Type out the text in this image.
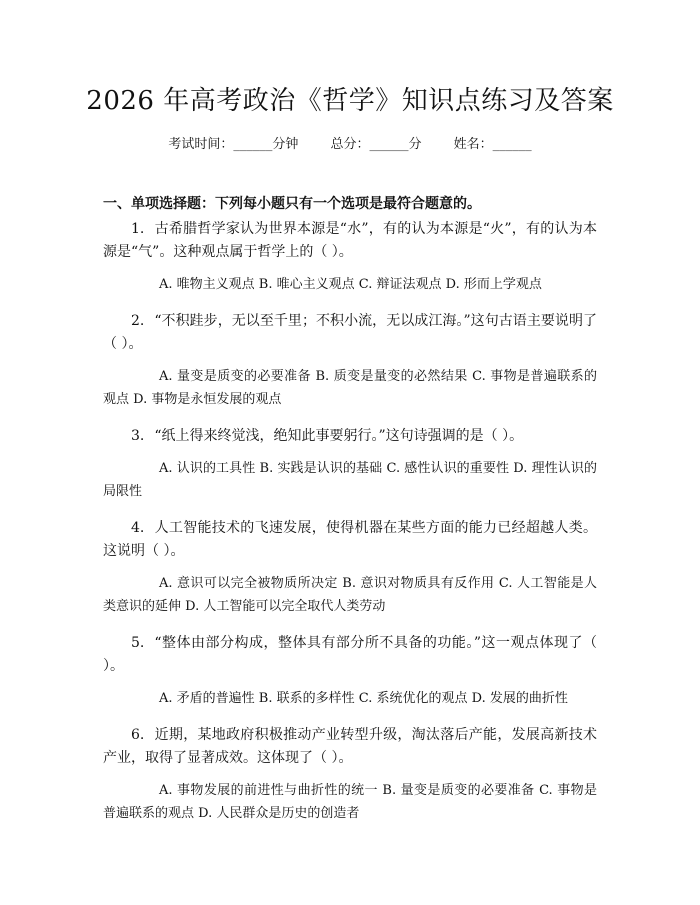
2026 年高考政治《哲学》知识点练习及答案
考试时间：______分钟 总分：______分 姓名：______

一、单项选择题：下列每小题只有一个选项是最符合题意的。

1. 古希腊哲学家认为世界本源是“水”，有的认为本源是“火”，有的认为本源是“气”。这种观点属于哲学上的（ ）。

A. 唯物主义观点 B. 唯心主义观点 C. 辩证法观点 D. 形而上学观点

2. “不积跬步，无以至千里；不积小流，无以成江海。”这句古语主要说明了（ ）。

A. 量变是质变的必要准备 B. 质变是量变的必然结果 C. 事物是普遍联系的观点 D. 事物是永恒发展的观点

3. “纸上得来终觉浅，绝知此事要躬行。”这句诗强调的是（ ）。

A. 认识的工具性 B. 实践是认识的基础 C. 感性认识的重要性 D. 理性认识的局限性

4. 人工智能技术的飞速发展，使得机器在某些方面的能力已经超越人类。这说明（ ）。

A. 意识可以完全被物质所决定 B. 意识对物质具有反作用 C. 人工智能是人类意识的延伸 D. 人工智能可以完全取代人类劳动

5. “整体由部分构成，整体具有部分所不具备的功能。”这一观点体现了（ ）。

A. 矛盾的普遍性 B. 联系的多样性 C. 系统优化的观点 D. 发展的曲折性

6. 近期，某地政府积极推动产业转型升级，淘汰落后产能，发展高新技术产业，取得了显著成效。这体现了（ ）。

A. 事物发展的前进性与曲折性的统一 B. 量变是质变的必要准备 C. 事物是普遍联系的观点 D. 人民群众是历史的创造者
